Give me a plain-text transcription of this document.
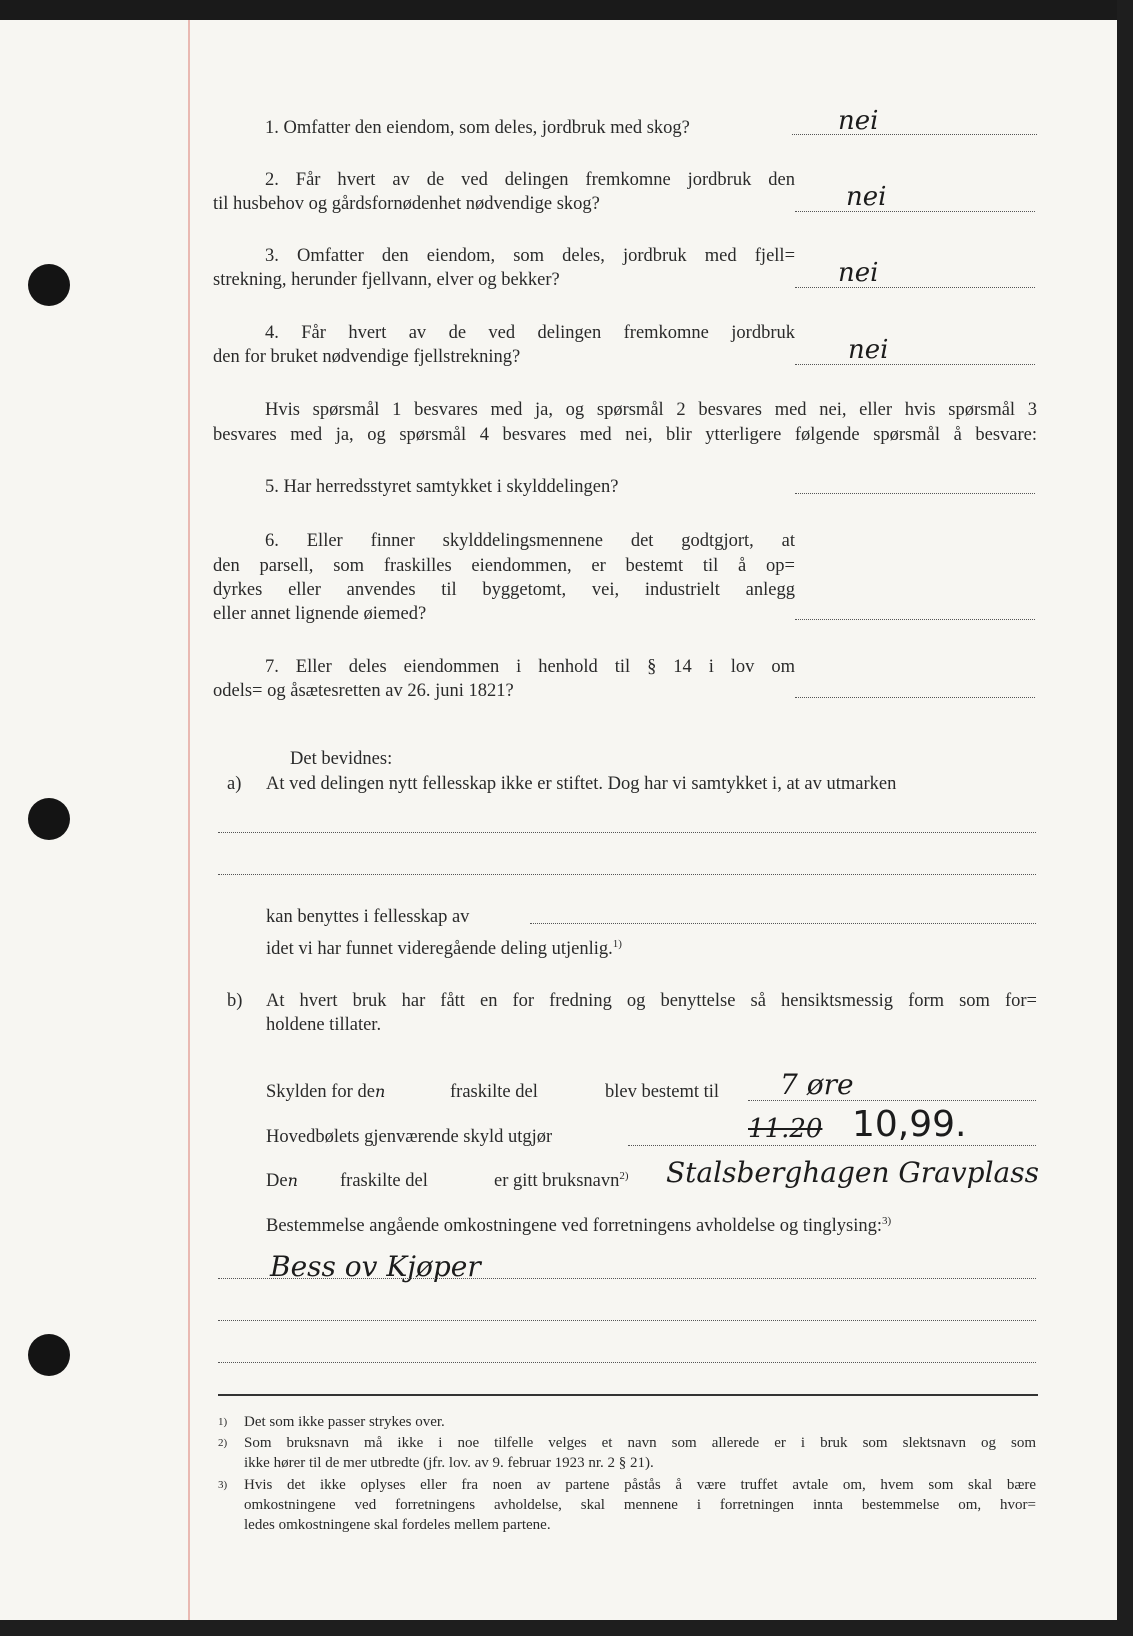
1. Omfatter den eiendom, som deles, jordbruk med skog?	nei
2. Får hvert av de ved delingen fremkomne jordbruk den
til husbehov og gårdsfornødenhet nødvendige skog?	nei
3. Omfatter den eiendom, som deles, jordbruk med fjell=
strekning, herunder fjellvann, elver og bekker?	nei
4. Får hvert av de ved delingen fremkomne jordbruk
den for bruket nødvendige fjellstrekning?	nei
Hvis spørsmål 1 besvares med ja, og spørsmål 2 besvares med nei, eller hvis spørsmål 3
besvares med ja, og spørsmål 4 besvares med nei, blir ytterligere følgende spørsmål å besvare:
5. Har herredsstyret samtykket i skylddelingen?
6. Eller finner skylddelingsmennene det godtgjort, at
den parsell, som fraskilles eiendommen, er bestemt til å op=
dyrkes eller anvendes til byggetomt, vei, industrielt anlegg
eller annet lignende øiemed?
7. Eller deles eiendommen i henhold til § 14 i lov om
odels= og åsætesretten av 26. juni 1821?
Det bevidnes:
a) At ved delingen nytt fellesskap ikke er stiftet. Dog har vi samtykket i, at av utmarken
kan benyttes i fellesskap av
idet vi har funnet videregående deling utjenlig.$^{1)}$
b) At hvert bruk har fått en for fredning og benyttelse så hensiktsmessig form som for=
holdene tillater.
Skylden for den	fraskilte del	blev bestemt til 7 øre
Hovedbølets gjenværende skyld utgjør	11.20 10,99.
Den fraskilte del	er gitt bruksnavn$^{2)}$ Stalsberghagen Gravplass
Bestemmelse angående omkostningene ved forretningens avholdelse og tinglysing:$^{3)}$
Bess ov Kjøper
1) Det som ikke passer strykes over.
2) Som bruksnavn må ikke i noe tilfelle velges et navn som allerede er i bruk som slektsnavn og som
ikke hører til de mer utbredte (jfr. lov. av 9. februar 1923 nr. 2 § 21).
3) Hvis det ikke oplyses eller fra noen av partene påstås å være truffet avtale om, hvem som skal bære
omkostningene ved forretningens avholdelse, skal mennene i forretningen innta bestemmelse om, hvor=
ledes omkostningene skal fordeles mellem partene.
